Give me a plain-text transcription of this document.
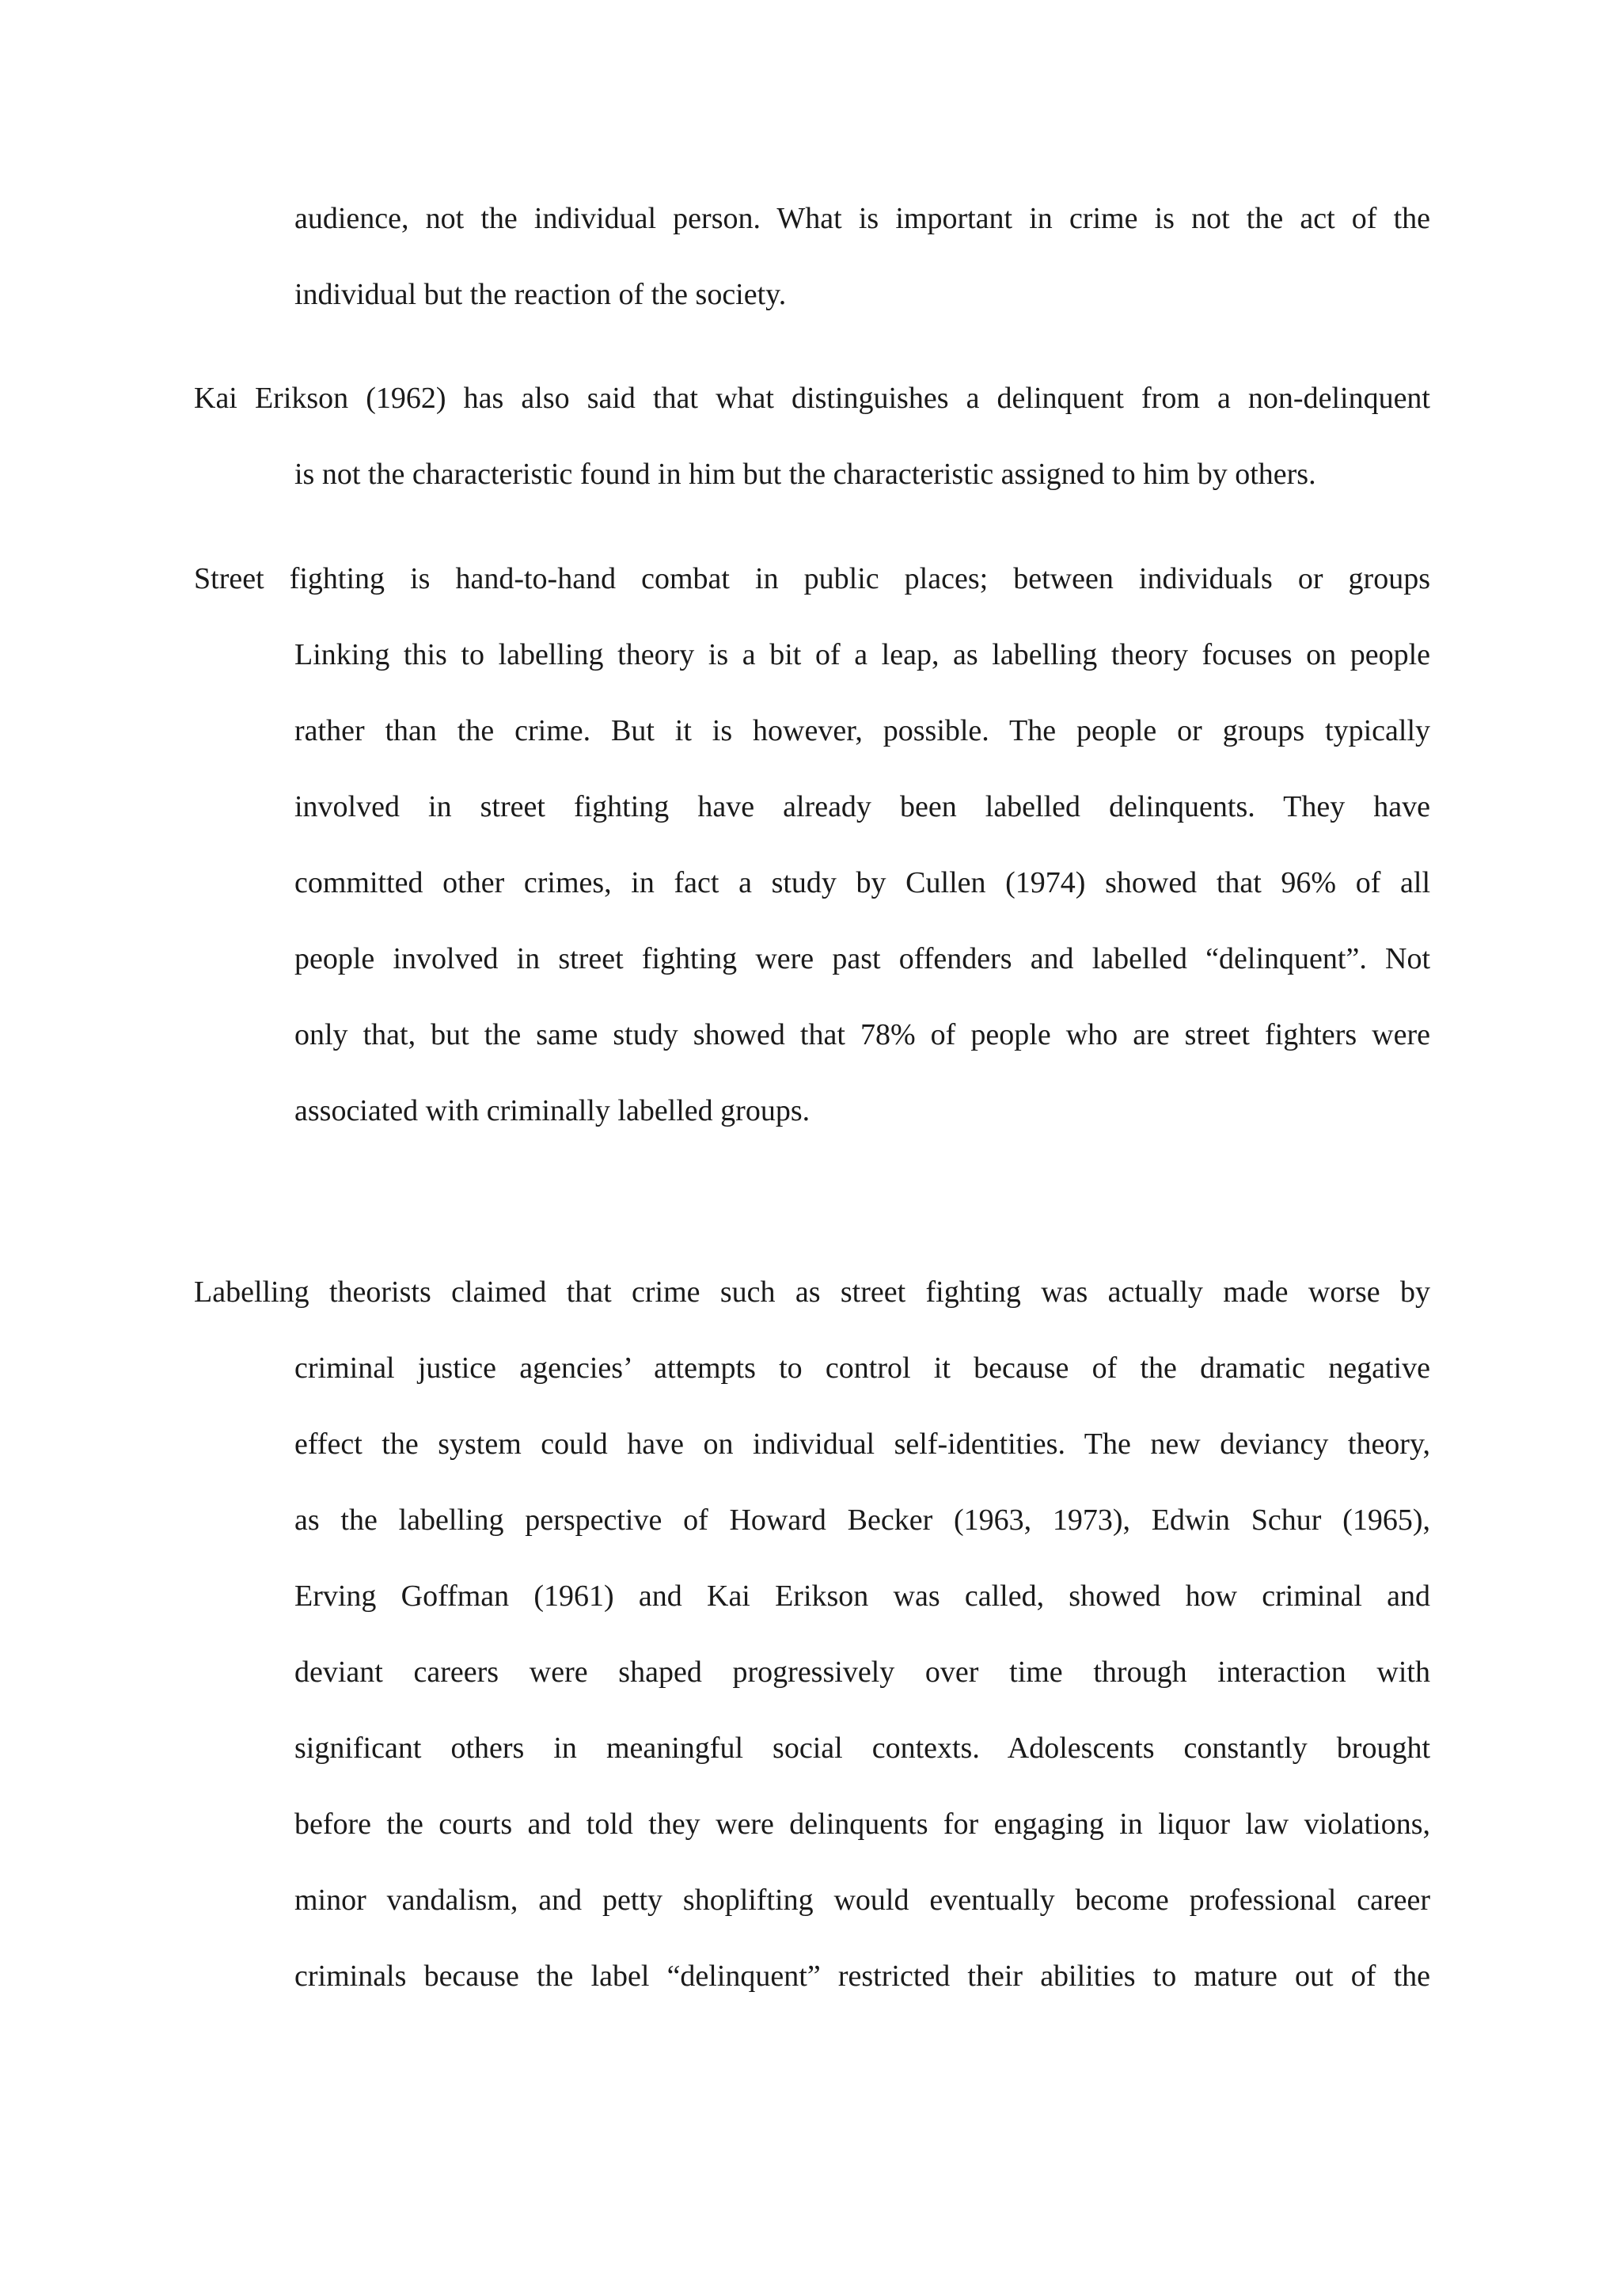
audience, not the individual person. What is important in crime is not the act of the
individual but the reaction of the society.
Kai Erikson (1962) has also said that what distinguishes a delinquent from a non-delinquent
is not the characteristic found in him but the characteristic assigned to him by others.
Street fighting is hand-to-hand combat in public places; between individuals or groups
Linking this to labelling theory is a bit of a leap, as labelling theory focuses on people
rather than the crime. But it is however, possible. The people or groups typically
involved in street fighting have already been labelled delinquents. They have
committed other crimes, in fact a study by Cullen (1974) showed that 96% of all
people involved in street fighting were past offenders and labelled “delinquent”. Not
only that, but the same study showed that 78% of people who are street fighters were
associated with criminally labelled groups.
Labelling theorists claimed that crime such as street fighting was actually made worse by
criminal justice agencies’ attempts to control it because of the dramatic negative
effect the system could have on individual self-identities. The new deviancy theory,
as the labelling perspective of Howard Becker (1963, 1973), Edwin Schur (1965),
Erving Goffman (1961) and Kai Erikson was called, showed how criminal and
deviant careers were shaped progressively over time through interaction with
significant others in meaningful social contexts. Adolescents constantly brought
before the courts and told they were delinquents for engaging in liquor law violations,
minor vandalism, and petty shoplifting would eventually become professional career
criminals because the label “delinquent” restricted their abilities to mature out of the
